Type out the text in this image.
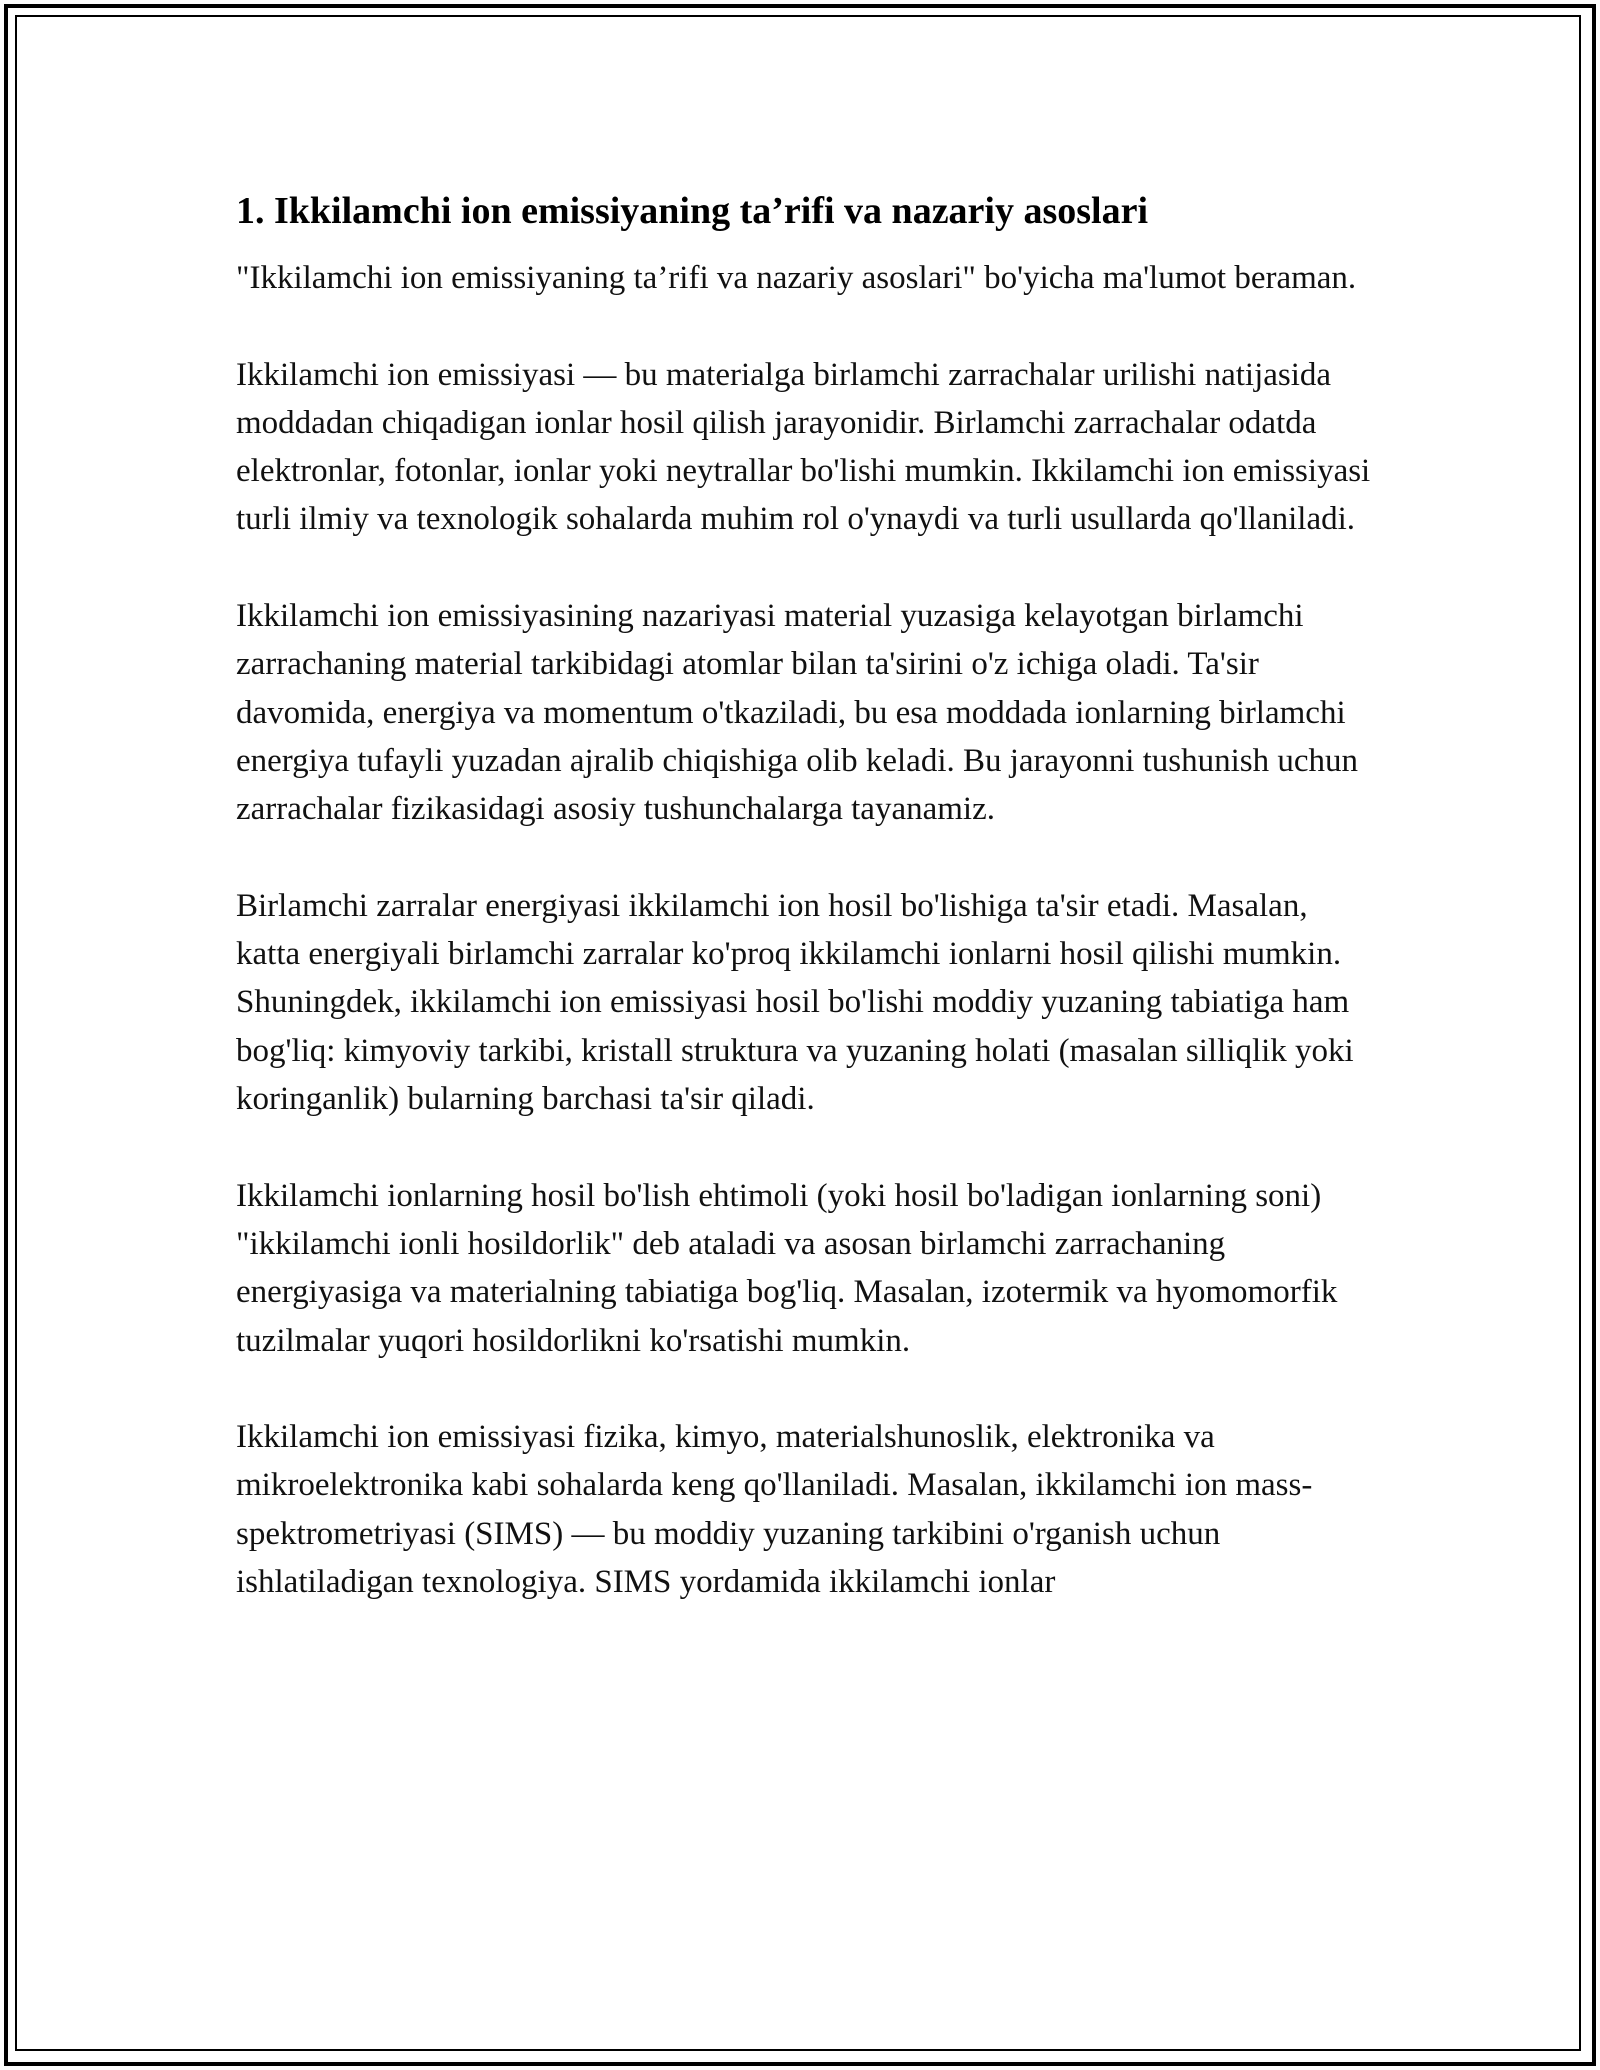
1. Ikkilamchi ion emissiyaning ta’rifi va nazariy asoslari

"Ikkilamchi ion emissiyaning ta’rifi va nazariy asoslari" bo'yicha ma'lumot beraman.

Ikkilamchi ion emissiyasi — bu materialga birlamchi zarrachalar urilishi natijasida moddadan chiqadigan ionlar hosil qilish jarayonidir. Birlamchi zarrachalar odatda elektronlar, fotonlar, ionlar yoki neytrallar bo'lishi mumkin. Ikkilamchi ion emissiyasi turli ilmiy va texnologik sohalarda muhim rol o'ynaydi va turli usullarda qo'llaniladi.

Ikkilamchi ion emissiyasining nazariyasi material yuzasiga kelayotgan birlamchi zarrachaning material tarkibidagi atomlar bilan ta'sirini o'z ichiga oladi. Ta'sir davomida, energiya va momentum o'tkaziladi, bu esa moddada ionlarning birlamchi energiya tufayli yuzadan ajralib chiqishiga olib keladi. Bu jarayonni tushunish uchun zarrachalar fizikasidagi asosiy tushunchalarga tayanamiz.

Birlamchi zarralar energiyasi ikkilamchi ion hosil bo'lishiga ta'sir etadi. Masalan, katta energiyali birlamchi zarralar ko'proq ikkilamchi ionlarni hosil qilishi mumkin. Shuningdek, ikkilamchi ion emissiyasi hosil bo'lishi moddiy yuzaning tabiatiga ham bog'liq: kimyoviy tarkibi, kristall struktura va yuzaning holati (masalan silliqlik yoki koringanlik) bularning barchasi ta'sir qiladi.

Ikkilamchi ionlarning hosil bo'lish ehtimoli (yoki hosil bo'ladigan ionlarning soni) "ikkilamchi ionli hosildorlik" deb ataladi va asosan birlamchi zarrachaning energiyasiga va materialning tabiatiga bog'liq. Masalan, izotermik va hyomomorfik tuzilmalar yuqori hosildorlikni ko'rsatishi mumkin.

Ikkilamchi ion emissiyasi fizika, kimyo, materialshunoslik, elektronika va mikroelektronika kabi sohalarda keng qo'llaniladi. Masalan, ikkilamchi ion mass-spektrometriyasi (SIMS) — bu moddiy yuzaning tarkibini o'rganish uchun ishlatiladigan texnologiya. SIMS yordamida ikkilamchi ionlar
